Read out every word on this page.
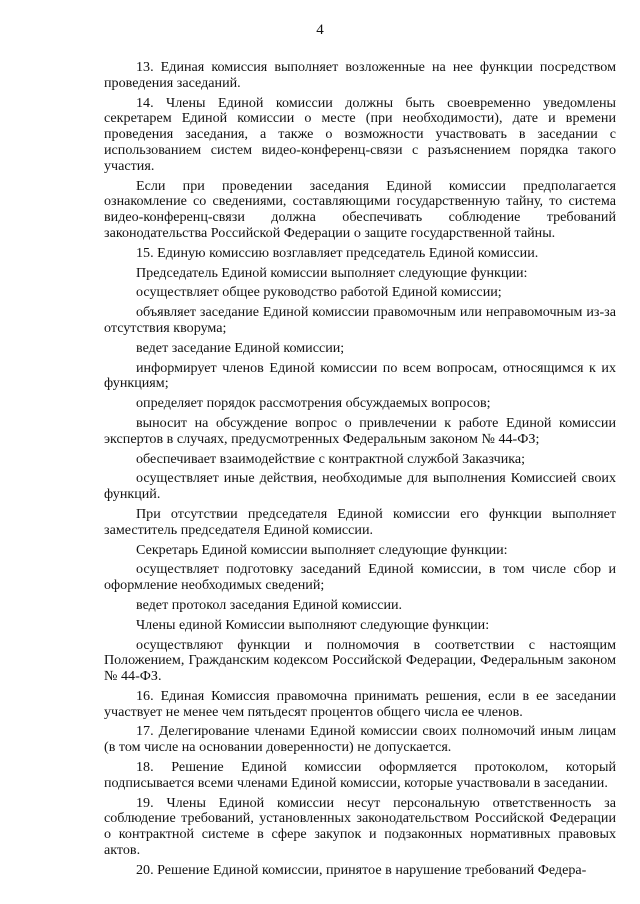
4

13. Единая комиссия выполняет возложенные на нее функции посредством проведения заседаний.

14. Члены Единой комиссии должны быть своевременно уведомлены секретарем Единой комиссии о месте (при необходимости), дате и времени проведения заседания, а также о возможности участвовать в заседании с использованием систем видео-конференц-связи с разъяснением порядка такого участия.

Если при проведении заседания Единой комиссии предполагается ознакомление со сведениями, составляющими государственную тайну, то система видео-конференц-связи должна обеспечивать соблюдение требований законодательства Российской Федерации о защите государственной тайны.

15. Единую комиссию возглавляет председатель Единой комиссии.

Председатель Единой комиссии выполняет следующие функции:

осуществляет общее руководство работой Единой комиссии;

объявляет заседание Единой комиссии правомочным или неправомочным из-за отсутствия кворума;

ведет заседание Единой комиссии;

информирует членов Единой комиссии по всем вопросам, относящимся к их функциям;

определяет порядок рассмотрения обсуждаемых вопросов;

выносит на обсуждение вопрос о привлечении к работе Единой комиссии экспертов в случаях, предусмотренных Федеральным законом № 44-ФЗ;

обеспечивает взаимодействие с контрактной службой Заказчика;

осуществляет иные действия, необходимые для выполнения Комиссией своих функций.

При отсутствии председателя Единой комиссии его функции выполняет заместитель председателя Единой комиссии.

Секретарь Единой комиссии выполняет следующие функции:

осуществляет подготовку заседаний Единой комиссии, в том числе сбор и оформление необходимых сведений;

ведет протокол заседания Единой комиссии.

Члены единой Комиссии выполняют следующие функции:

осуществляют функции и полномочия в соответствии с настоящим Положением, Гражданским кодексом Российской Федерации, Федеральным законом № 44-ФЗ.

16. Единая Комиссия правомочна принимать решения, если в ее заседании участвует не менее чем пятьдесят процентов общего числа ее членов.

17. Делегирование членами Единой комиссии своих полномочий иным лицам (в том числе на основании доверенности) не допускается.

18. Решение Единой комиссии оформляется протоколом, который подписывается всеми членами Единой комиссии, которые участвовали в заседании.

19. Члены Единой комиссии несут персональную ответственность за соблюдение требований, установленных законодательством Российской Федерации о контрактной системе в сфере закупок и подзаконных нормативных правовых актов.

20. Решение Единой комиссии, принятое в нарушение требований Федера-
